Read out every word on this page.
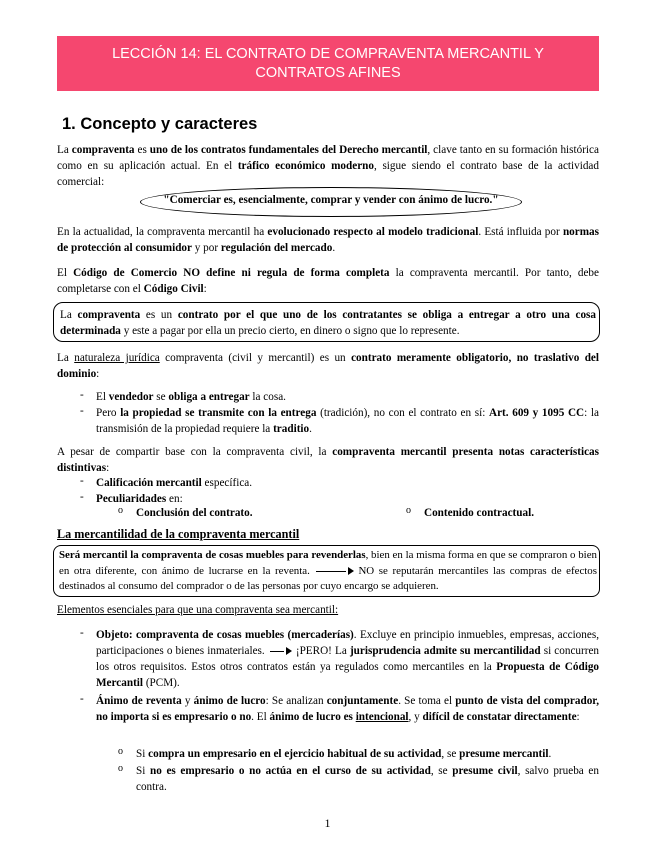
LECCIÓN 14: EL CONTRATO DE COMPRAVENTA MERCANTIL Y
CONTRATOS AFINES
1. Concepto y caracteres
La compraventa es uno de los contratos fundamentales del Derecho mercantil, clave tanto en su formación histórica como en su aplicación actual. En el tráfico económico moderno, sigue siendo el contrato base de la actividad comercial:
"Comerciar es, esencialmente, comprar y vender con ánimo de lucro."
En la actualidad, la compraventa mercantil ha evolucionado respecto al modelo tradicional. Está influida por normas de protección al consumidor y por regulación del mercado.
El Código de Comercio NO define ni regula de forma completa la compraventa mercantil. Por tanto, debe completarse con el Código Civil:
La compraventa es un contrato por el que uno de los contratantes se obliga a entregar a otro una cosa determinada y este a pagar por ella un precio cierto, en dinero o signo que lo represente.
La naturaleza jurídica compraventa (civil y mercantil) es un contrato meramente obligatorio, no traslativo del dominio:
- El vendedor se obliga a entregar la cosa.
- Pero la propiedad se transmite con la entrega (tradición), no con el contrato en sí: Art. 609 y 1095 CC: la transmisión de la propiedad requiere la traditio.
A pesar de compartir base con la compraventa civil, la compraventa mercantil presenta notas características distintivas:
- Calificación mercantil específica.
- Peculiaridades en:
o Conclusión del contrato.	o Contenido contractual.
La mercantilidad de la compraventa mercantil
Será mercantil la compraventa de cosas muebles para revenderlas, bien en la misma forma en que se compraron o bien en otra diferente, con ánimo de lucrarse en la reventa.	NO se reputarán mercantiles las compras de efectos destinados al consumo del comprador o de las personas por cuyo encargo se adquieren.
Elementos esenciales para que una compraventa sea mercantil:
- Objeto: compraventa de cosas muebles (mercaderías). Excluye en principio inmuebles, empresas, acciones, participaciones o bienes inmateriales.	¡PERO! La jurisprudencia admite su mercantilidad si concurren los otros requisitos. Estos otros contratos están ya regulados como mercantiles en la Propuesta de Código Mercantil (PCM).
- Ánimo de reventa y ánimo de lucro: Se analizan conjuntamente. Se toma el punto de vista del comprador, no importa si es empresario o no. El ánimo de lucro es intencional, y difícil de constatar directamente:
o Si compra un empresario en el ejercicio habitual de su actividad, se presume mercantil.
o Si no es empresario o no actúa en el curso de su actividad, se presume civil, salvo prueba en contra.
1
